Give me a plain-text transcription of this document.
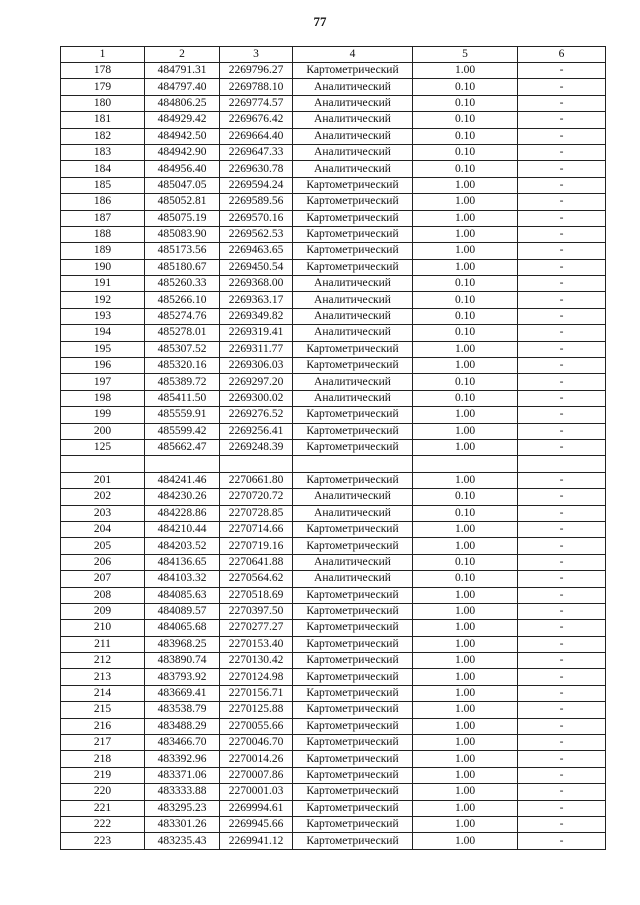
77
1	2	3	4	5	6
178	484791.31	2269796.27	Картометрический	1.00	-
179	484797.40	2269788.10	Аналитический	0.10	-
180	484806.25	2269774.57	Аналитический	0.10	-
181	484929.42	2269676.42	Аналитический	0.10	-
182	484942.50	2269664.40	Аналитический	0.10	-
183	484942.90	2269647.33	Аналитический	0.10	-
184	484956.40	2269630.78	Аналитический	0.10	-
185	485047.05	2269594.24	Картометрический	1.00	-
186	485052.81	2269589.56	Картометрический	1.00	-
187	485075.19	2269570.16	Картометрический	1.00	-
188	485083.90	2269562.53	Картометрический	1.00	-
189	485173.56	2269463.65	Картометрический	1.00	-
190	485180.67	2269450.54	Картометрический	1.00	-
191	485260.33	2269368.00	Аналитический	0.10	-
192	485266.10	2269363.17	Аналитический	0.10	-
193	485274.76	2269349.82	Аналитический	0.10	-
194	485278.01	2269319.41	Аналитический	0.10	-
195	485307.52	2269311.77	Картометрический	1.00	-
196	485320.16	2269306.03	Картометрический	1.00	-
197	485389.72	2269297.20	Аналитический	0.10	-
198	485411.50	2269300.02	Аналитический	0.10	-
199	485559.91	2269276.52	Картометрический	1.00	-
200	485599.42	2269256.41	Картометрический	1.00	-
125	485662.47	2269248.39	Картометрический	1.00	-

201	484241.46	2270661.80	Картометрический	1.00	-
202	484230.26	2270720.72	Аналитический	0.10	-
203	484228.86	2270728.85	Аналитический	0.10	-
204	484210.44	2270714.66	Картометрический	1.00	-
205	484203.52	2270719.16	Картометрический	1.00	-
206	484136.65	2270641.88	Аналитический	0.10	-
207	484103.32	2270564.62	Аналитический	0.10	-
208	484085.63	2270518.69	Картометрический	1.00	-
209	484089.57	2270397.50	Картометрический	1.00	-
210	484065.68	2270277.27	Картометрический	1.00	-
211	483968.25	2270153.40	Картометрический	1.00	-
212	483890.74	2270130.42	Картометрический	1.00	-
213	483793.92	2270124.98	Картометрический	1.00	-
214	483669.41	2270156.71	Картометрический	1.00	-
215	483538.79	2270125.88	Картометрический	1.00	-
216	483488.29	2270055.66	Картометрический	1.00	-
217	483466.70	2270046.70	Картометрический	1.00	-
218	483392.96	2270014.26	Картометрический	1.00	-
219	483371.06	2270007.86	Картометрический	1.00	-
220	483333.88	2270001.03	Картометрический	1.00	-
221	483295.23	2269994.61	Картометрический	1.00	-
222	483301.26	2269945.66	Картометрический	1.00	-
223	483235.43	2269941.12	Картометрический	1.00	-
